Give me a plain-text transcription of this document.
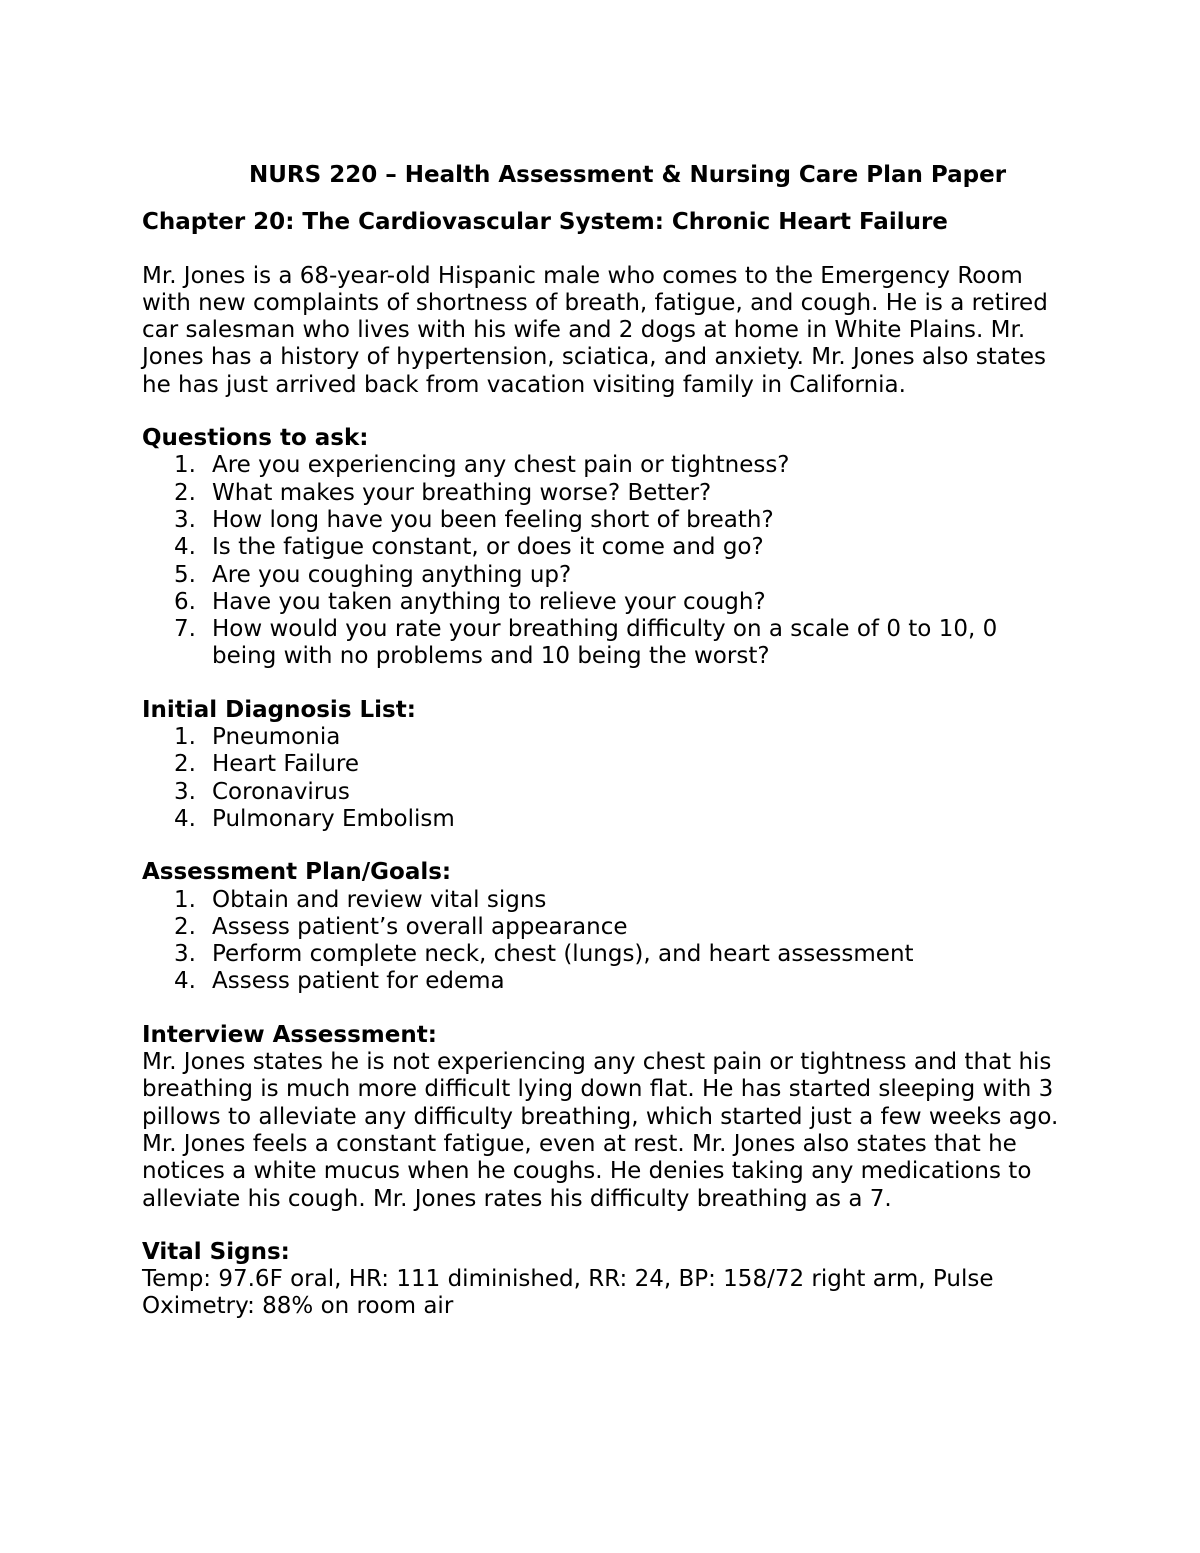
NURS 220 – Health Assessment & Nursing Care Plan Paper
Chapter 20: The Cardiovascular System: Chronic Heart Failure
Mr. Jones is a 68-year-old Hispanic male who comes to the Emergency Room with new complaints of shortness of breath, fatigue, and cough. He is a retired car salesman who lives with his wife and 2 dogs at home in White Plains. Mr. Jones has a history of hypertension, sciatica, and anxiety. Mr. Jones also states he has just arrived back from vacation visiting family in California.
Questions to ask:
1. Are you experiencing any chest pain or tightness?
2. What makes your breathing worse? Better?
3. How long have you been feeling short of breath?
4. Is the fatigue constant, or does it come and go?
5. Are you coughing anything up?
6. Have you taken anything to relieve your cough?
7. How would you rate your breathing difficulty on a scale of 0 to 10, 0 being with no problems and 10 being the worst?
Initial Diagnosis List:
1. Pneumonia
2. Heart Failure
3. Coronavirus
4. Pulmonary Embolism
Assessment Plan/Goals:
1. Obtain and review vital signs
2. Assess patient’s overall appearance
3. Perform complete neck, chest (lungs), and heart assessment
4. Assess patient for edema
Interview Assessment:
Mr. Jones states he is not experiencing any chest pain or tightness and that his breathing is much more difficult lying down flat. He has started sleeping with 3 pillows to alleviate any difficulty breathing, which started just a few weeks ago. Mr. Jones feels a constant fatigue, even at rest. Mr. Jones also states that he notices a white mucus when he coughs. He denies taking any medications to alleviate his cough. Mr. Jones rates his difficulty breathing as a 7.
Vital Signs:
Temp: 97.6F oral, HR: 111 diminished, RR: 24, BP: 158/72 right arm, Pulse Oximetry: 88% on room air
